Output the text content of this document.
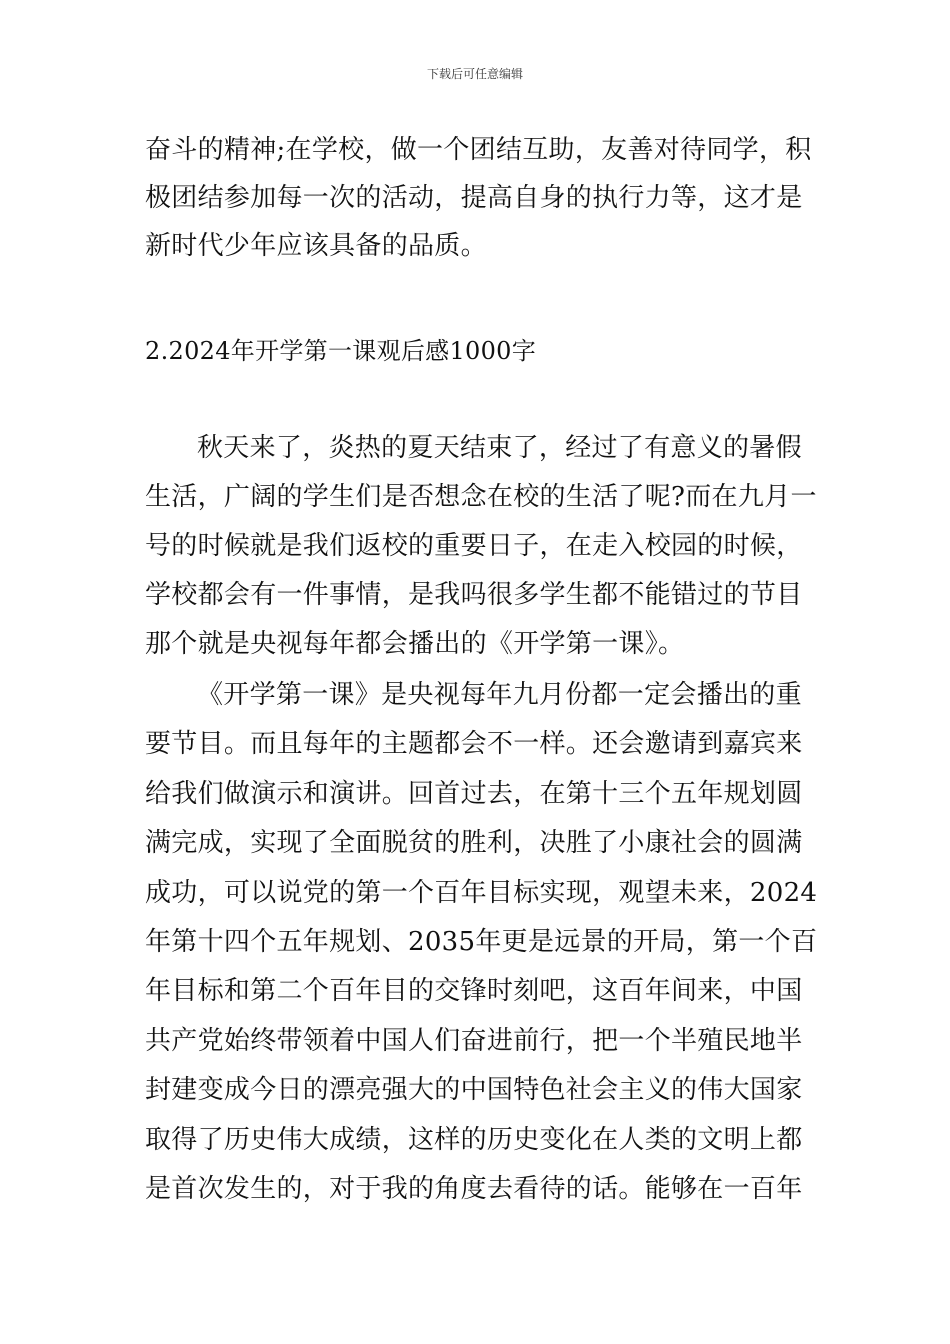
下载后可任意编辑
奋斗的精神;在学校，做一个团结互助，友善对待同学，积
极团结参加每一次的活动，提高自身的执行力等，这才是
新时代少年应该具备的品质。
2.2024年开学第一课观后感1000字
秋天来了，炎热的夏天结束了，经过了有意义的暑假
生活，广阔的学生们是否想念在校的生活了呢?而在九月一
号的时候就是我们返校的重要日子，在走入校园的时候，
学校都会有一件事情，是我吗很多学生都不能错过的节目
那个就是央视每年都会播出的《开学第一课》。
《开学第一课》是央视每年九月份都一定会播出的重
要节目。而且每年的主题都会不一样。还会邀请到嘉宾来
给我们做演示和演讲。回首过去，在第十三个五年规划圆
满完成，实现了全面脱贫的胜利，决胜了小康社会的圆满
成功，可以说党的第一个百年目标实现，观望未来，2024
年第十四个五年规划、2035年更是远景的开局，第一个百
年目标和第二个百年目的交锋时刻吧，这百年间来，中国
共产党始终带领着中国人们奋进前行，把一个半殖民地半
封建变成今日的漂亮强大的中国特色社会主义的伟大国家
取得了历史伟大成绩，这样的历史变化在人类的文明上都
是首次发生的，对于我的角度去看待的话。能够在一百年
